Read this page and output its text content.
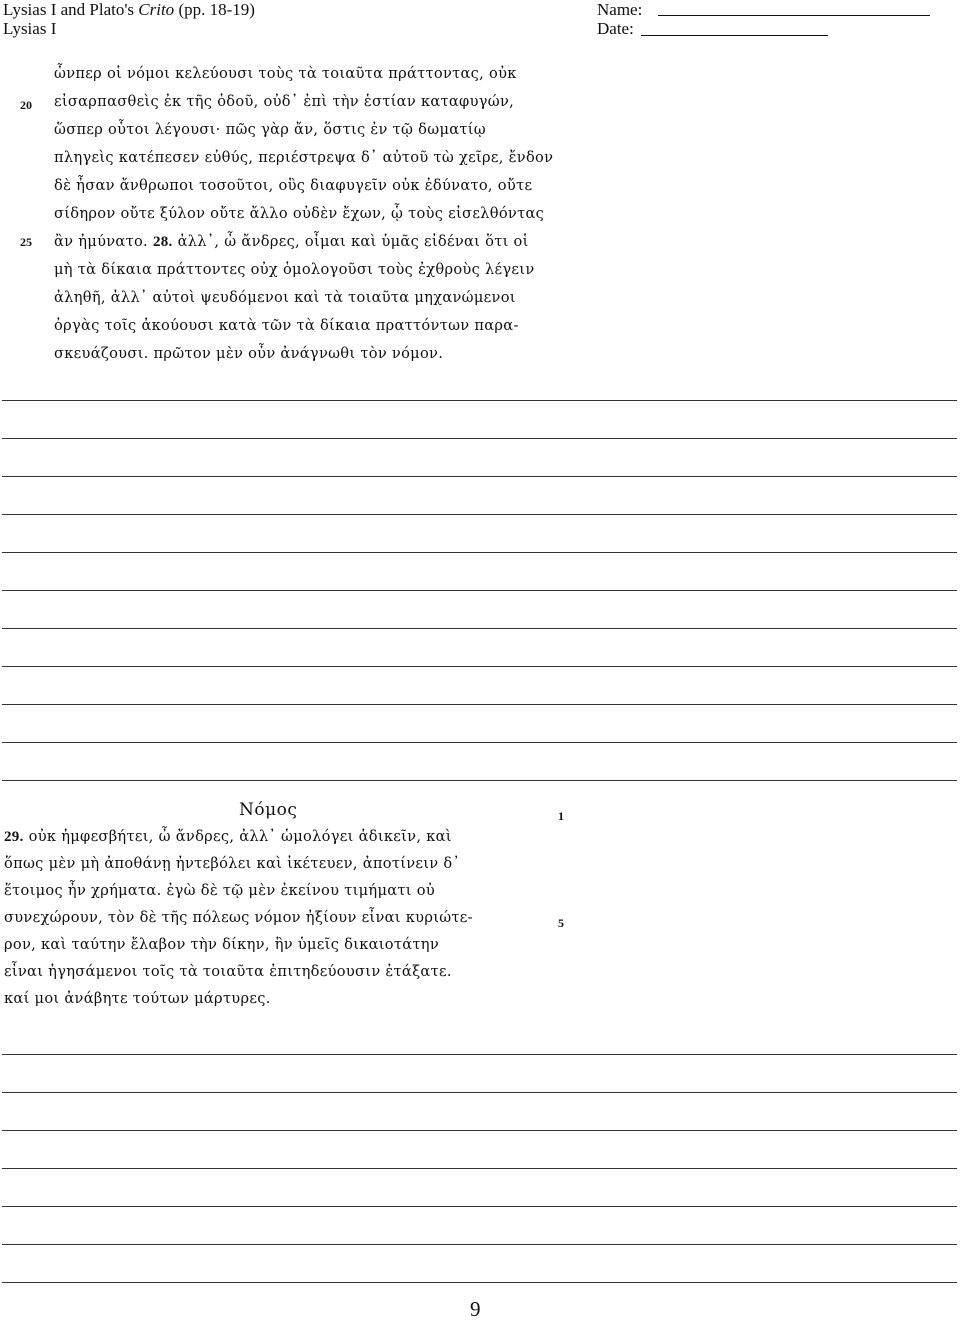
Lysias I and Plato's Crito (pp. 18-19)
Lysias I
Name:
Date:
20
25
ὧνπερ οἱ νόμοι κελεύουσι τοὺς τὰ τοιαῦτα πράττοντας, οὐκ
εἰσαρπασθεὶς ἐκ τῆς ὁδοῦ, οὐδ᾽ ἐπὶ τὴν ἑστίαν καταφυγών,
ὥσπερ οὗτοι λέγουσι· πῶς γὰρ ἄν, ὅστις ἐν τῷ δωματίῳ
πληγεὶς κατέπεσεν εὐθύς, περιέστρεψα δ᾽ αὐτοῦ τὼ χεῖρε, ἔνδον
δὲ ἦσαν ἄνθρωποι τοσοῦτοι, οὓς διαφυγεῖν οὐκ ἐδύνατο, οὔτε
σίδηρον οὔτε ξύλον οὔτε ἄλλο οὐδὲν ἔχων, ᾧ τοὺς εἰσελθόντας
ἂν ἠμύνατο. 28. ἀλλ᾽, ὦ ἄνδρες, οἶμαι καὶ ὑμᾶς εἰδέναι ὅτι οἱ
μὴ τὰ δίκαια πράττοντες οὐχ ὁμολογοῦσι τοὺς ἐχθροὺς λέγειν
ἀληθῆ, ἀλλ᾽ αὐτοὶ ψευδόμενοι καὶ τὰ τοιαῦτα μηχανώμενοι
ὀργὰς τοῖς ἀκούουσι κατὰ τῶν τὰ δίκαια πραττόντων παρα-
σκευάζουσι. πρῶτον μὲν οὖν ἀνάγνωθι τὸν νόμον.
Νόμος	1
5
29. οὐκ ἠμφεσβήτει, ὦ ἄνδρες, ἀλλ᾽ ὡμολόγει ἀδικεῖν, καὶ
ὅπως μὲν μὴ ἀποθάνῃ ἠντεβόλει καὶ ἱκέτευεν, ἀποτίνειν δ᾽
ἕτοιμος ἦν χρήματα. ἐγὼ δὲ τῷ μὲν ἐκείνου τιμήματι οὐ
συνεχώρουν, τὸν δὲ τῆς πόλεως νόμον ἠξίουν εἶναι κυριώτε-
ρον, καὶ ταύτην ἔλαβον τὴν δίκην, ἣν ὑμεῖς δικαιοτάτην
εἶναι ἡγησάμενοι τοῖς τὰ τοιαῦτα ἐπιτηδεύουσιν ἐτάξατε.
καί μοι ἀνάβητε τούτων μάρτυρες.
9
